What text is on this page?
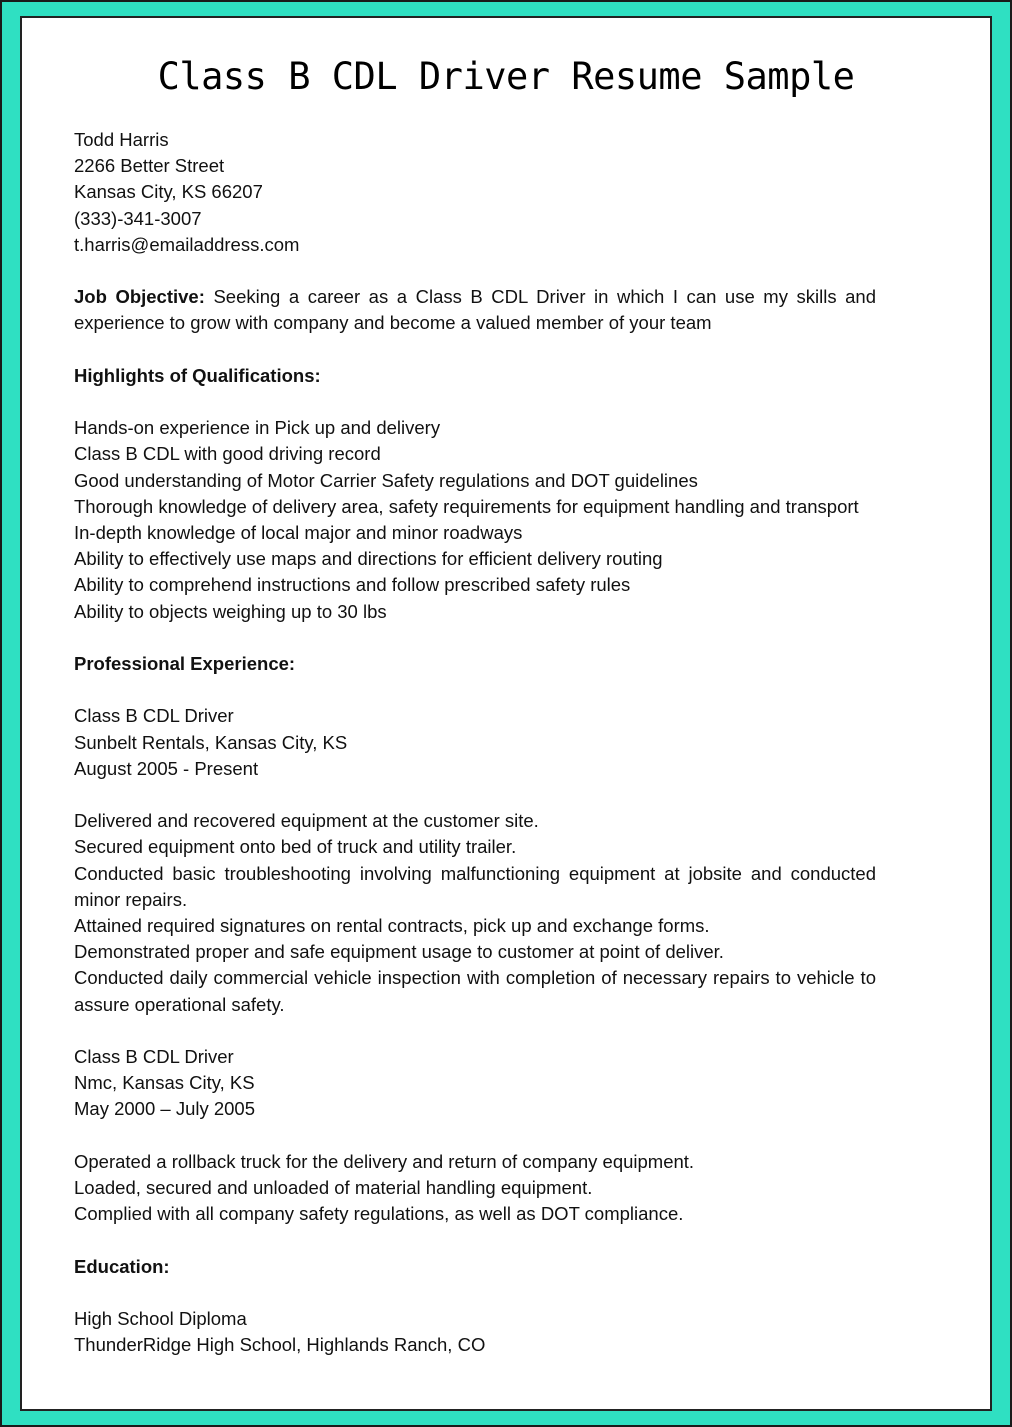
Class B CDL Driver Resume Sample
Todd Harris
2266 Better Street
Kansas City, KS 66207
(333)-341-3007
t.harris@emailaddress.com
Job Objective: Seeking a career as a Class B CDL Driver in which I can use my skills and experience to grow with company and become a valued member of your team
Highlights of Qualifications:
Hands-on experience in Pick up and delivery
Class B CDL with good driving record
Good understanding of Motor Carrier Safety regulations and DOT guidelines
Thorough knowledge of delivery area, safety requirements for equipment handling and transport
In-depth knowledge of local major and minor roadways
Ability to effectively use maps and directions for efficient delivery routing
Ability to comprehend instructions and follow prescribed safety rules
Ability to objects weighing up to 30 lbs
Professional Experience:
Class B CDL Driver
Sunbelt Rentals, Kansas City, KS
August 2005 - Present
Delivered and recovered equipment at the customer site.
Secured equipment onto bed of truck and utility trailer.
Conducted basic troubleshooting involving malfunctioning equipment at jobsite and conducted minor repairs.
Attained required signatures on rental contracts, pick up and exchange forms.
Demonstrated proper and safe equipment usage to customer at point of deliver.
Conducted daily commercial vehicle inspection with completion of necessary repairs to vehicle to assure operational safety.
Class B CDL Driver
Nmc, Kansas City, KS
May 2000 – July 2005
Operated a rollback truck for the delivery and return of company equipment.
Loaded, secured and unloaded of material handling equipment.
Complied with all company safety regulations, as well as DOT compliance.
Education:
High School Diploma
ThunderRidge High School, Highlands Ranch, CO
